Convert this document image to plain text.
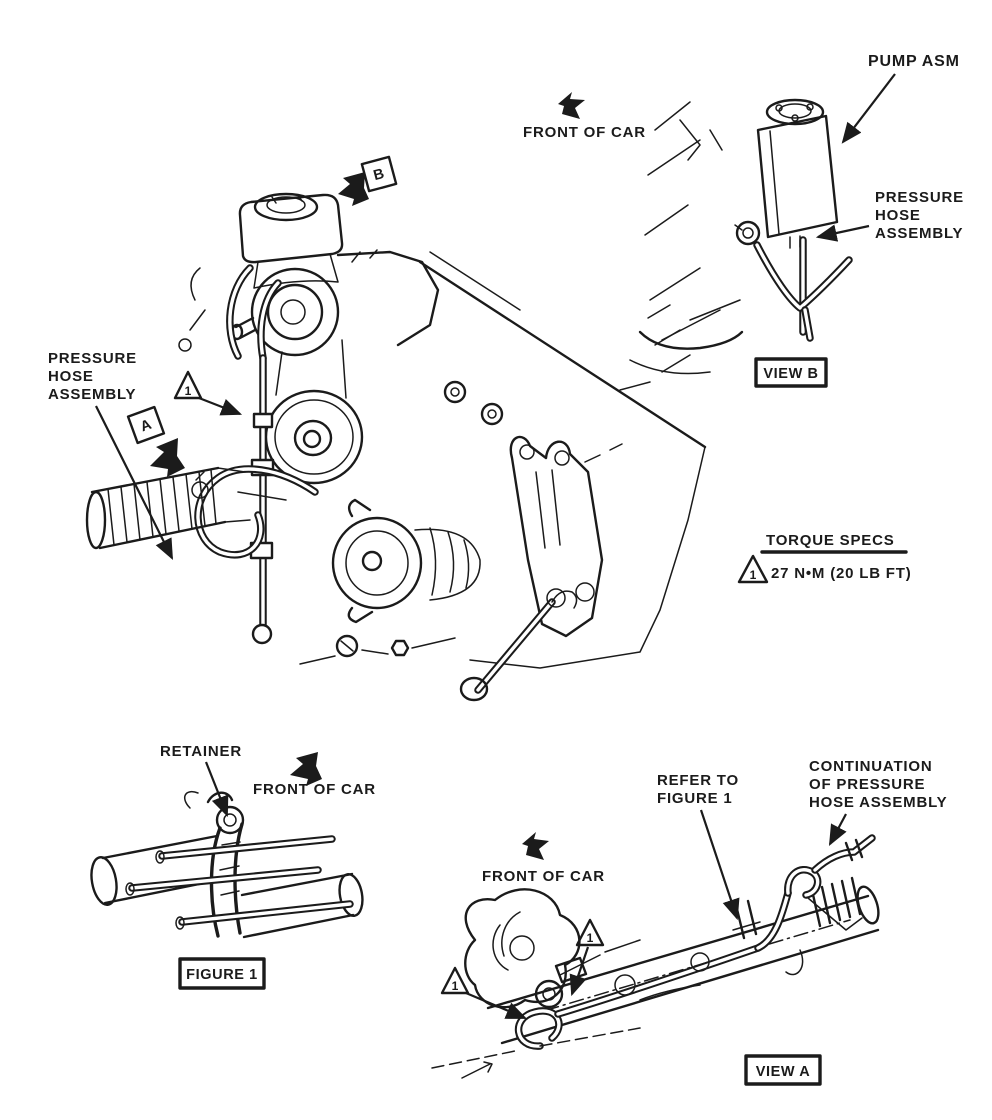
PUMP ASM
FRONT OF CAR
PRESSURE
HOSE
ASSEMBLY
VIEW B
TORQUE SPECS
1 27 N•M (20 LB FT)
PRESSURE
HOSE
ASSEMBLY	1
A
B
RETAINER
FRONT OF CAR
FIGURE 1
FRONT OF CAR
REFER TO
FIGURE 1
CONTINUATION
OF PRESSURE
HOSE ASSEMBLY
1
1
VIEW A
